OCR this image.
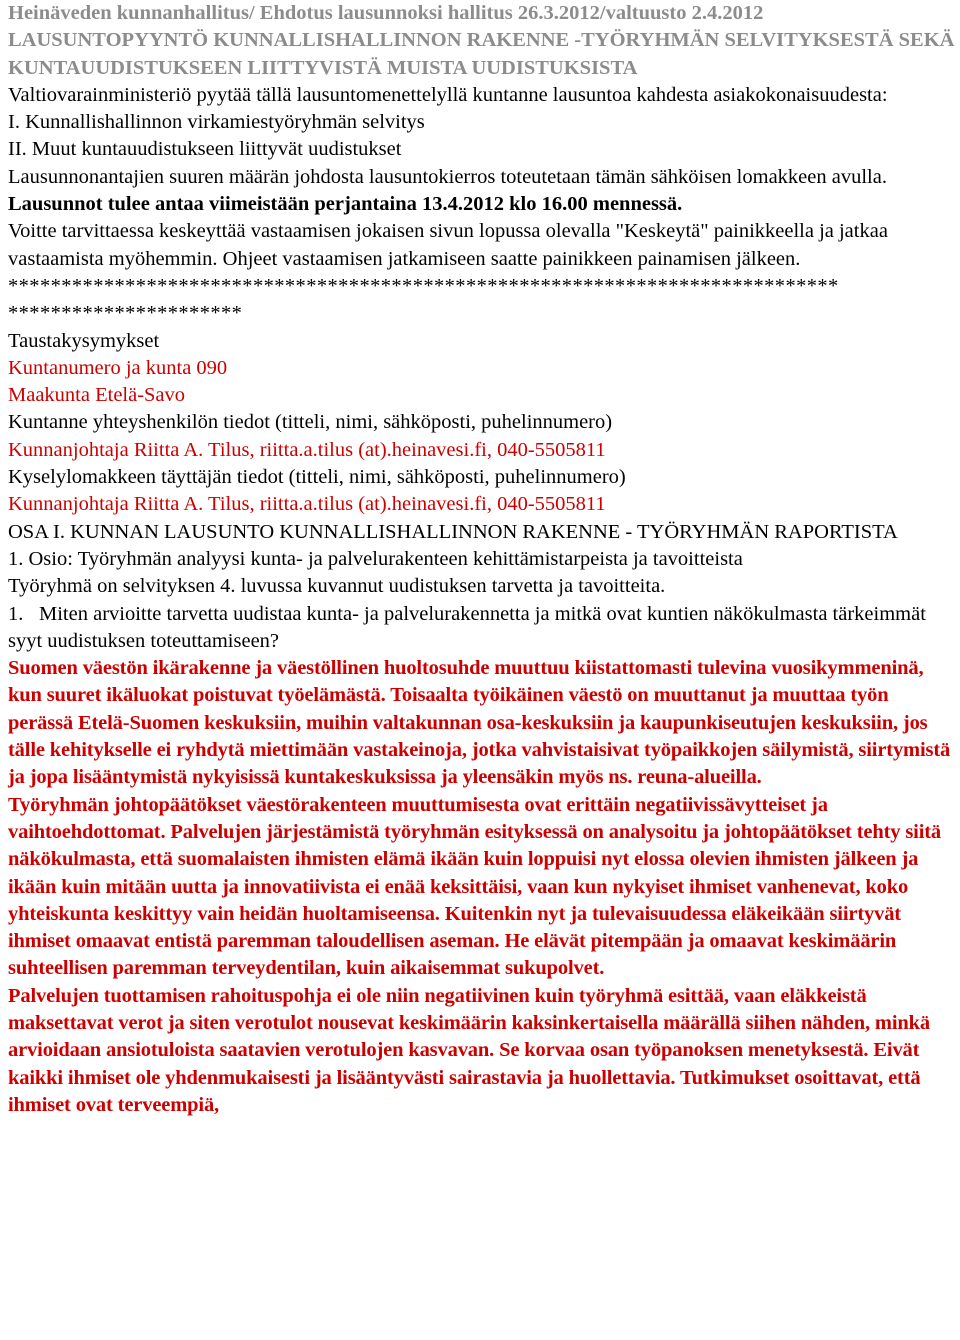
Heinäveden kunnanhallitus/ Ehdotus lausunnoksi hallitus 26.3.2012/valtuusto 2.4.2012

LAUSUNTOPYYNTÖ KUNNALLISHALLINNON RAKENNE -TYÖRYHMÄN SELVITYKSESTÄ SEKÄ KUNTAUUDISTUKSEEN LIITTYVISTÄ MUISTA UUDISTUKSISTA

Valtiovarainministeriö pyytää tällä lausuntomenettelyllä kuntanne lausuntoa kahdesta asiakokonaisuudesta:

I. Kunnallishallinnon virkamiestyöryhmän selvitys

II. Muut kuntauudistukseen liittyvät uudistukset

Lausunnonantajien suuren määrän johdosta lausuntokierros toteutetaan tämän sähköisen lomakkeen avulla. Lausunnot tulee antaa viimeistään perjantaina 13.4.2012 klo 16.00 mennessä.

Voitte tarvittaessa keskeyttää vastaamisen jokaisen sivun lopussa olevalla "Keskeytä" painikkeella ja jatkaa vastaamista myöhemmin. Ohjeet vastaamisen jatkamiseen saatte painikkeen painamisen jälkeen.

******************************************************************************

**********************

Taustakysymykset

Kuntanumero ja kunta 090

Maakunta Etelä-Savo

Kuntanne yhteyshenkilön tiedot (titteli, nimi, sähköposti, puhelinnumero)

Kunnanjohtaja Riitta A. Tilus, riitta.a.tilus (at).heinavesi.fi, 040-5505811

Kyselylomakkeen täyttäjän tiedot (titteli, nimi, sähköposti, puhelinnumero)

Kunnanjohtaja Riitta A. Tilus, riitta.a.tilus (at).heinavesi.fi, 040-5505811

OSA I. KUNNAN LAUSUNTO KUNNALLISHALLINNON RAKENNE - TYÖRYHMÄN RAPORTISTA

1. Osio: Työryhmän analyysi kunta- ja palvelurakenteen kehittämistarpeista ja tavoitteista

Työryhmä on selvityksen 4. luvussa kuvannut uudistuksen tarvetta ja tavoitteita.

1. Miten arvioitte tarvetta uudistaa kunta- ja palvelurakennetta ja mitkä ovat kuntien näkökulmasta tärkeimmät syyt uudistuksen toteuttamiseen?

Suomen väestön ikärakenne ja väestöllinen huoltosuhde muuttuu kiistattomasti tulevina vuosikymmeninä, kun suuret ikäluokat poistuvat työelämästä. Toisaalta työikäinen väestö on muuttanut ja muuttaa työn perässä Etelä-Suomen keskuksiin, muihin valtakunnan osa-keskuksiin ja kaupunkiseutujen keskuksiin, jos tälle kehitykselle ei ryhdytä miettimään vastakeinoja, jotka vahvistaisivat työpaikkojen säilymistä, siirtymistä ja jopa lisääntymistä nykyisissä kuntakeskuksissa ja yleensäkin myös ns. reuna-alueilla.

Työryhmän johtopäätökset väestörakenteen muuttumisesta ovat erittäin negatiivissävytteiset ja vaihtoehdottomat. Palvelujen järjestämistä työryhmän esityksessä on analysoitu ja johtopäätökset tehty siitä näkökulmasta, että suomalaisten ihmisten elämä ikään kuin loppuisi nyt elossa olevien ihmisten jälkeen ja ikään kuin mitään uutta ja innovatiivista ei enää keksittäisi, vaan kun nykyiset ihmiset vanhenevat, koko yhteiskunta keskittyy vain heidän huoltamiseensa. Kuitenkin nyt ja tulevaisuudessa eläkeikään siirtyvät ihmiset omaavat entistä paremman taloudellisen aseman. He elävät pitempään ja omaavat keskimäärin suhteellisen paremman terveydentilan, kuin aikaisemmat sukupolvet.

Palvelujen tuottamisen rahoituspohja ei ole niin negatiivinen kuin työryhmä esittää, vaan eläkkeistä maksettavat verot ja siten verotulot nousevat keskimäärin kaksinkertaisella määrällä siihen nähden, minkä arvioidaan ansiotuloista saatavien verotulojen kasvavan. Se korvaa osan työpanoksen menetyksestä. Eivät kaikki ihmiset ole yhdenmukaisesti ja lisääntyvästi sairastavia ja huollettavia. Tutkimukset osoittavat, että ihmiset ovat terveempiä,
